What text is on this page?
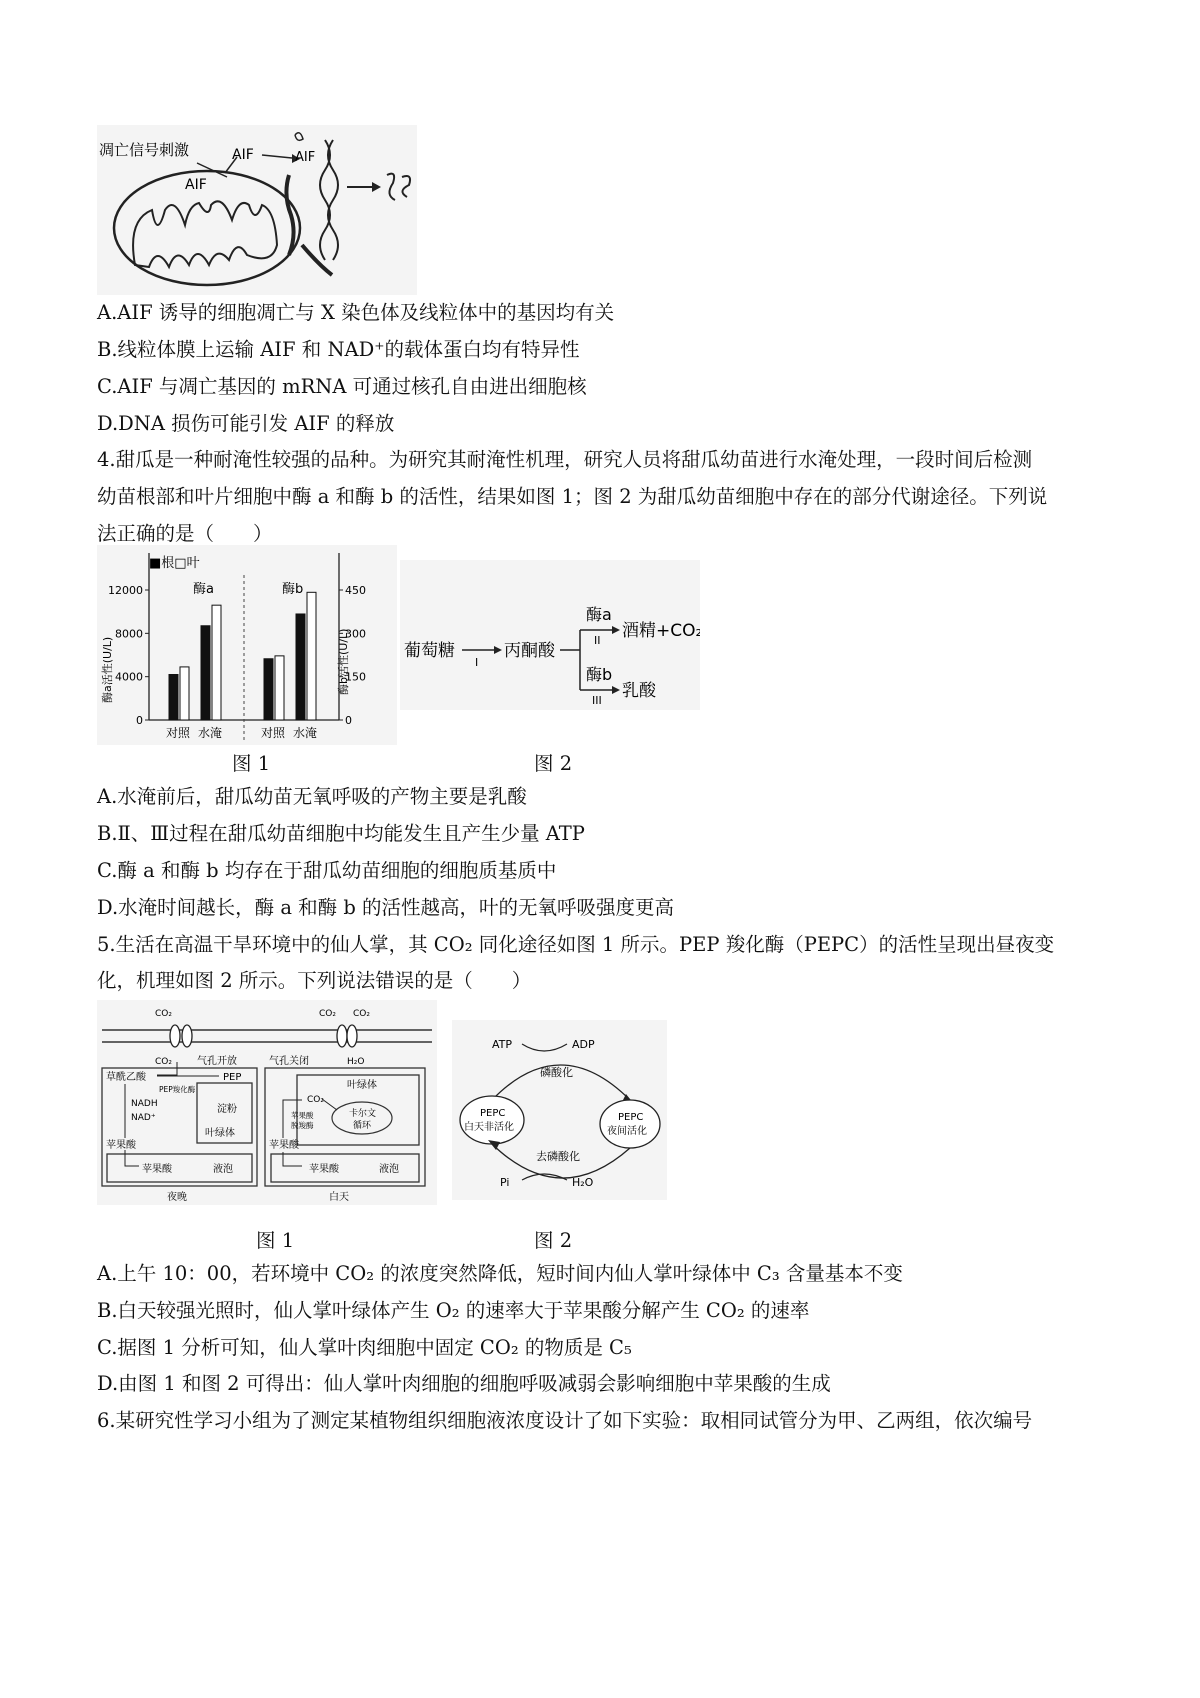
凋亡信号刺激
AIF
AIF	AIF
A.AIF 诱导的细胞凋亡与 X 染色体及线粒体中的基因均有关
B.线粒体膜上运输 AIF 和 NAD⁺的载体蛋白均有特异性
C.AIF 与凋亡基因的 mRNA 可通过核孔自由进出细胞核
D.DNA 损伤可能引发 AIF 的释放
4.甜瓜是一种耐淹性较强的品种。为研究其耐淹性机理，研究人员将甜瓜幼苗进行水淹处理，一段时间后检测
幼苗根部和叶片细胞中酶 a 和酶 b 的活性，结果如图 1；图 2 为甜瓜幼苗细胞中存在的部分代谢途径。下列说
法正确的是（　　）
■根□叶
酶a	酶b
酶a活性(U/L)	酶b活性(U/L)
0
4000
8000
12000
对照 水淹
0
150
300
450
对照 水淹
葡萄糖
I
丙酮酸
酶a
II 酒精+CO₂
酶b
III 乳酸
图 1	图 2
A.水淹前后，甜瓜幼苗无氧呼吸的产物主要是乳酸
B.Ⅱ、Ⅲ过程在甜瓜幼苗细胞中均能发生且产生少量 ATP
C.酶 a 和酶 b 均存在于甜瓜幼苗细胞的细胞质基质中
D.水淹时间越长，酶 a 和酶 b 的活性越高，叶的无氧呼吸强度更高
5.生活在高温干旱环境中的仙人掌，其 CO₂ 同化途径如图 1 所示。PEP 羧化酶（PEPC）的活性呈现出昼夜变
化，机理如图 2 所示。下列说法错误的是（　　）
CO₂
CO₂	气孔开放
草酰乙酸
PEP羧化酶
PEP
NADH
NAD⁺
淀粉
叶绿体
苹果酸
苹果酸	液泡
夜晚
CO₂ CO₂
气孔关闭	H₂O
叶绿体
CO₂
苹果酸
脱羧酶
卡尔文
循环
苹果酸
苹果酸	液泡
白天
ATP	ADP
磷酸化
PEPC
白天非活化
PEPC
夜间活化
去磷酸化
Pi	H₂O
图 1	图 2
A.上午 10：00，若环境中 CO₂ 的浓度突然降低，短时间内仙人掌叶绿体中 C₃ 含量基本不变
B.白天较强光照时，仙人掌叶绿体产生 O₂ 的速率大于苹果酸分解产生 CO₂ 的速率
C.据图 1 分析可知，仙人掌叶肉细胞中固定 CO₂ 的物质是 C₅
D.由图 1 和图 2 可得出：仙人掌叶肉细胞的细胞呼吸减弱会影响细胞中苹果酸的生成
6.某研究性学习小组为了测定某植物组织细胞液浓度设计了如下实验：取相同试管分为甲、乙两组，依次编号
